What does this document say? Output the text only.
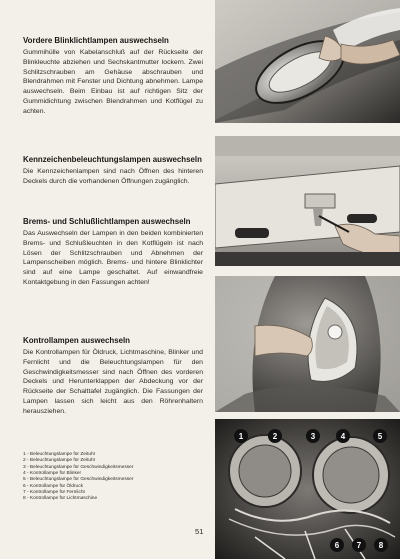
Vordere Blinklichtlampen auswechseln
Gummihülle von Kabelanschluß auf der Rückseite der Blinkleuchte abziehen und Sechskantmutter lockern. Zwei Schlitzschrauben am Gehäuse abschrauben und Blendrahmen mit Fenster und Dichtung abnehmen. Lampe auswechseln. Beim Einbau ist auf richtigen Sitz der Gummidichtung zwischen Blendrahmen und Kotflügel zu achten.
Kennzeichenbeleuchtungslampen auswechseln
Die Kennzeichenlampen sind nach Öffnen des hinteren Deckels durch die vorhandenen Öffnungen zugänglich.
Brems- und Schlußlichtlampen auswechseln
Das Auswechseln der Lampen in den beiden kombinierten Brems- und Schlußleuchten in den Kotflügeln ist nach Lösen der Schlitzschrauben und Abnehmen der Lampenscheiben möglich. Brems- und hintere Blinklichter sind auf eine Lampe geschaltet. Auf einwandfreie Kontaktgebung in den Fassungen achten!
Kontrollampen auswechseln
Die Kontrollampen für Öldruck, Lichtmaschine, Blinker und Fernlicht und die Beleuchtungslampen für den Geschwindigkeitsmesser sind nach Öffnen des vorderen Deckels und Herunterklappen der Abdeckung vor der Rückseite der Schalttafel zugänglich. Die Fassungen der Lampen lassen sich leicht aus den Röhrenhaltern herausziehen.
1 - Beleuchtungslampe für Zeituhr
2 - Beleuchtungslampe für Zeituhr
3 - Beleuchtungslampe für Geschwindigkeitsmesser
4 - Kontrollampe für Blinker
5 - Beleuchtungslampe für Geschwindigkeitsmesser
6 - Kontrollampe für Öldruck
7 - Kontrollampe für Fernlicht
8 - Kontrollampe für Lichtmaschine
51
1	2	3	4	5
6 7 8
